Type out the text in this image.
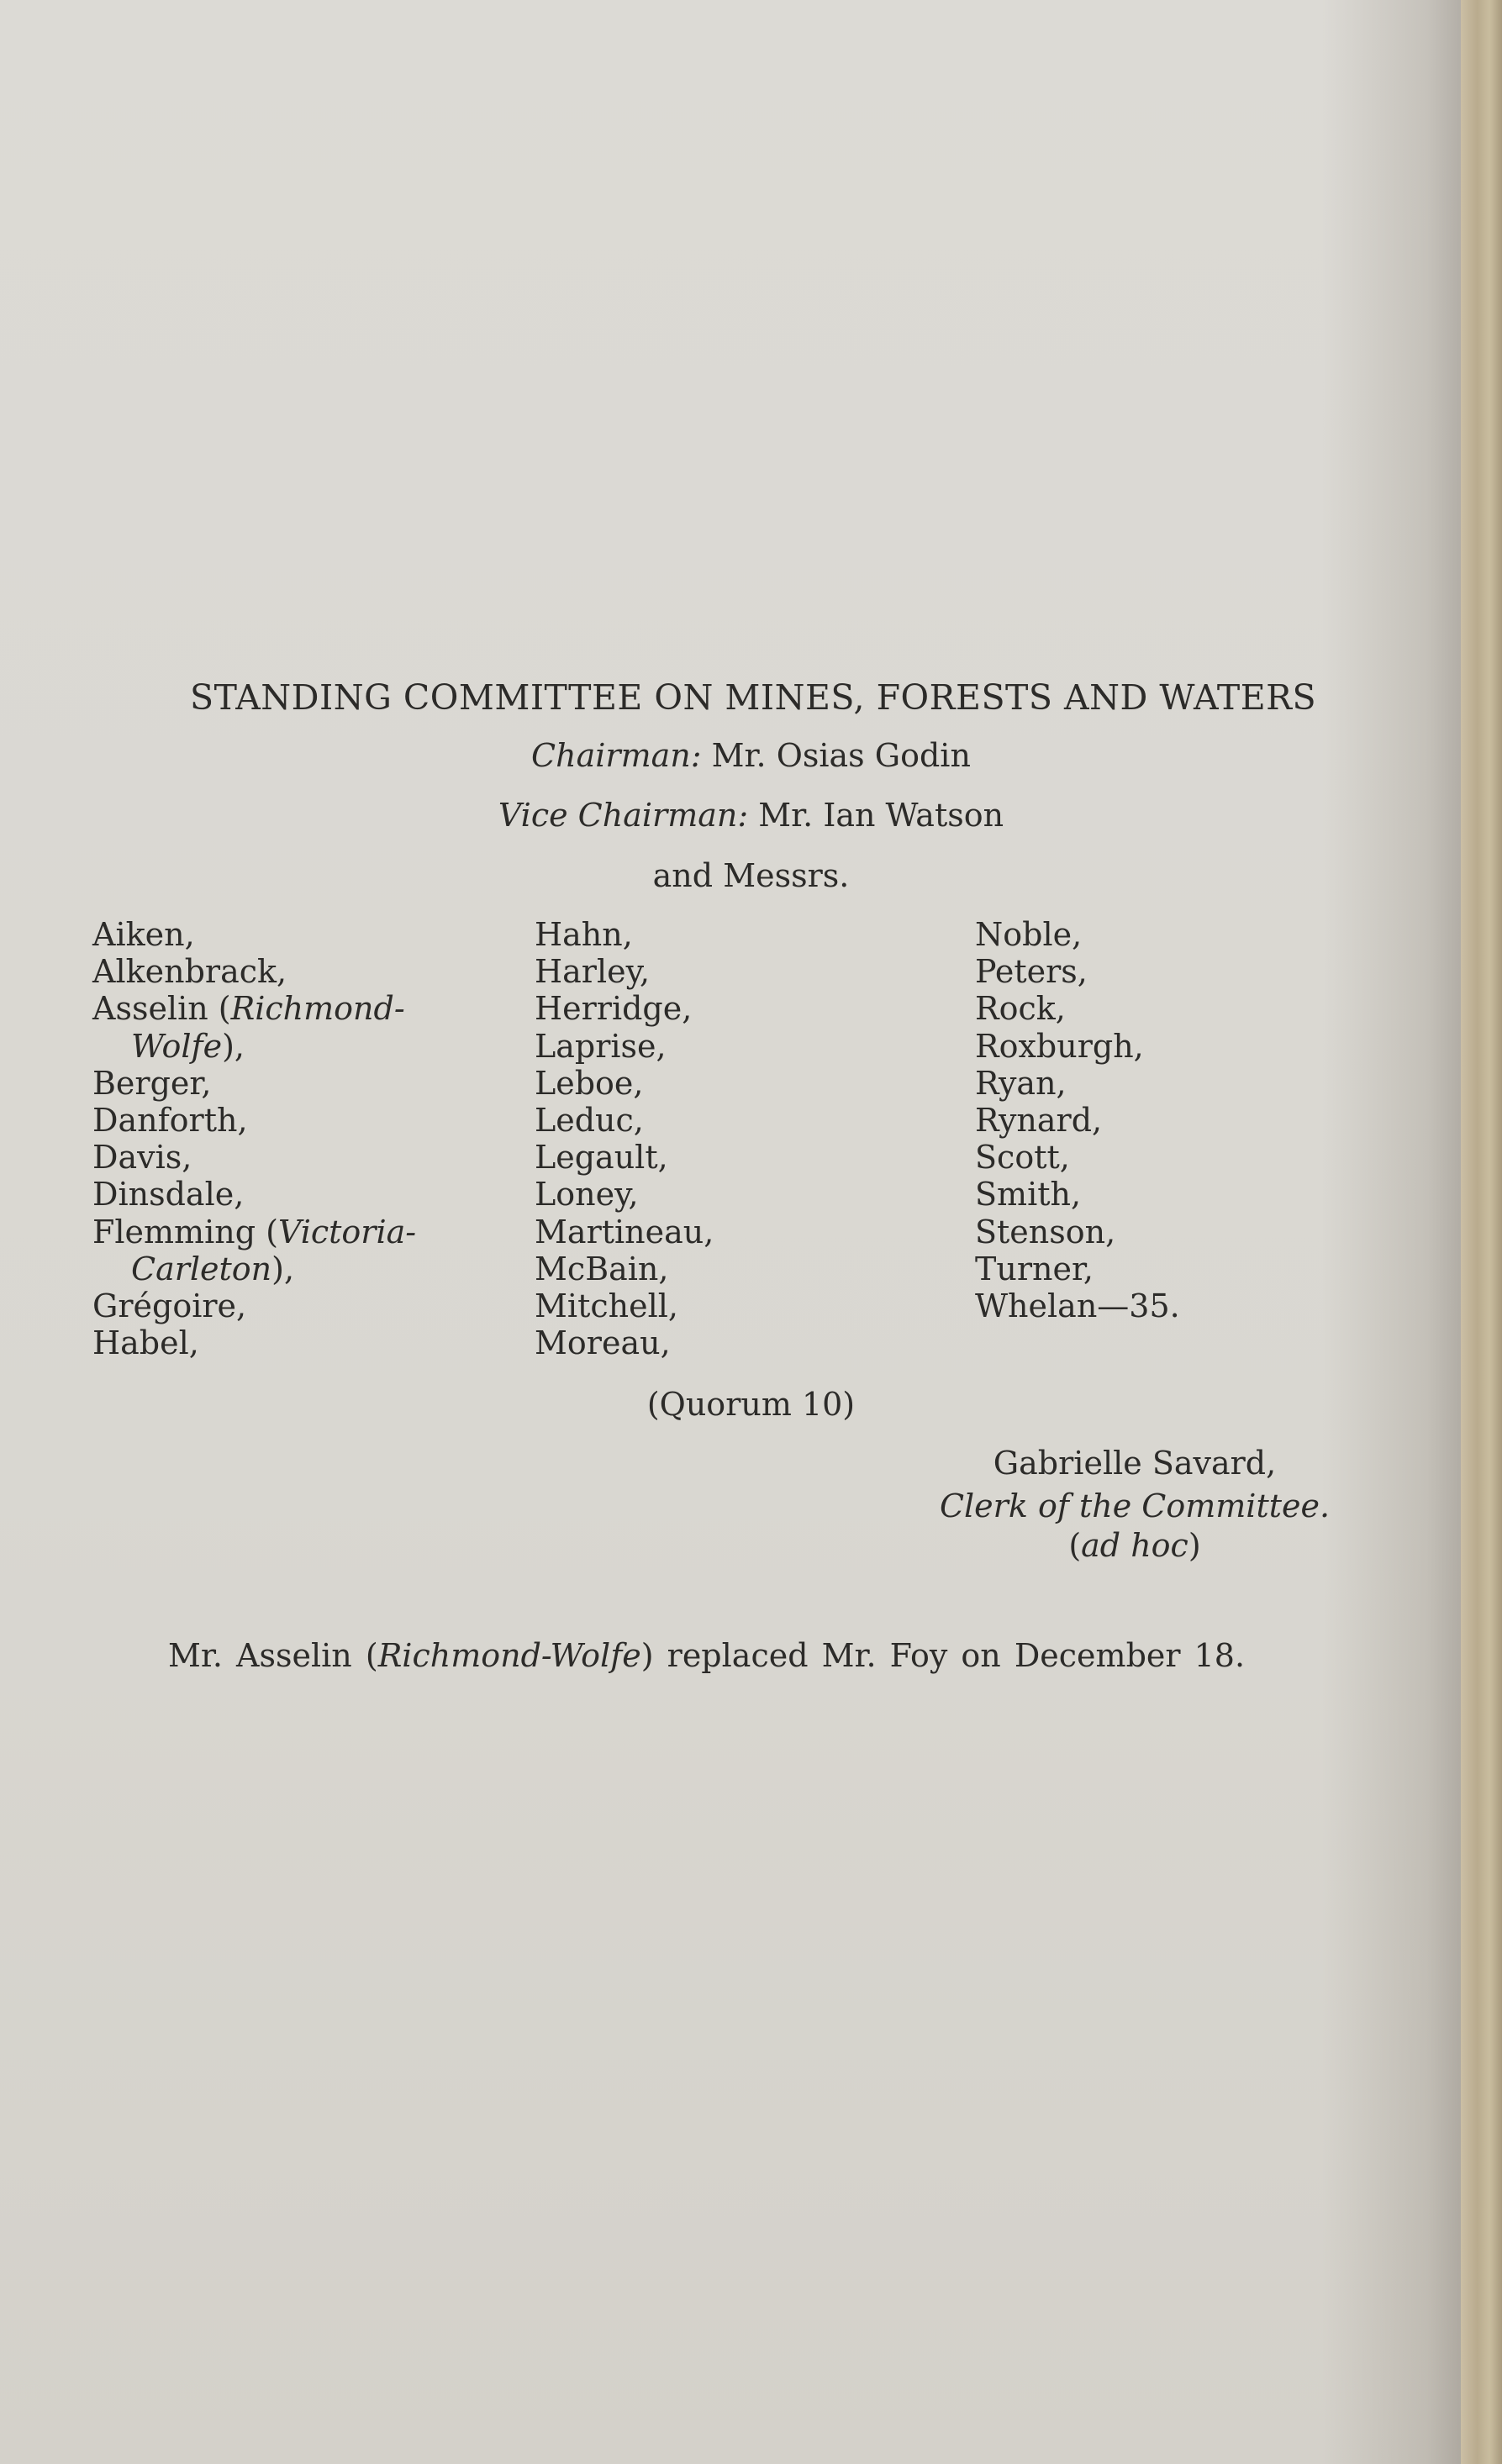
STANDING COMMITTEE ON MINES, FORESTS AND WATERS
Chairman: Mr. Osias Godin
Vice Chairman: Mr. Ian Watson
and Messrs.
Aiken,
Alkenbrack,
Asselin (Richmond-
Wolfe),
Berger,
Danforth,
Davis,
Dinsdale,
Flemming (Victoria-
Carleton),
Grégoire,
Habel,
Hahn,
Harley,
Herridge,
Laprise,
Leboe,
Leduc,
Legault,
Loney,
Martineau,
McBain,
Mitchell,
Moreau,
Noble,
Peters,
Rock,
Roxburgh,
Ryan,
Rynard,
Scott,
Smith,
Stenson,
Turner,
Whelan—35.
(Quorum 10)
Gabrielle Savard,
Clerk of the Committee.
(ad hoc)
Mr. Asselin (Richmond-Wolfe) replaced Mr. Foy on December 18.
